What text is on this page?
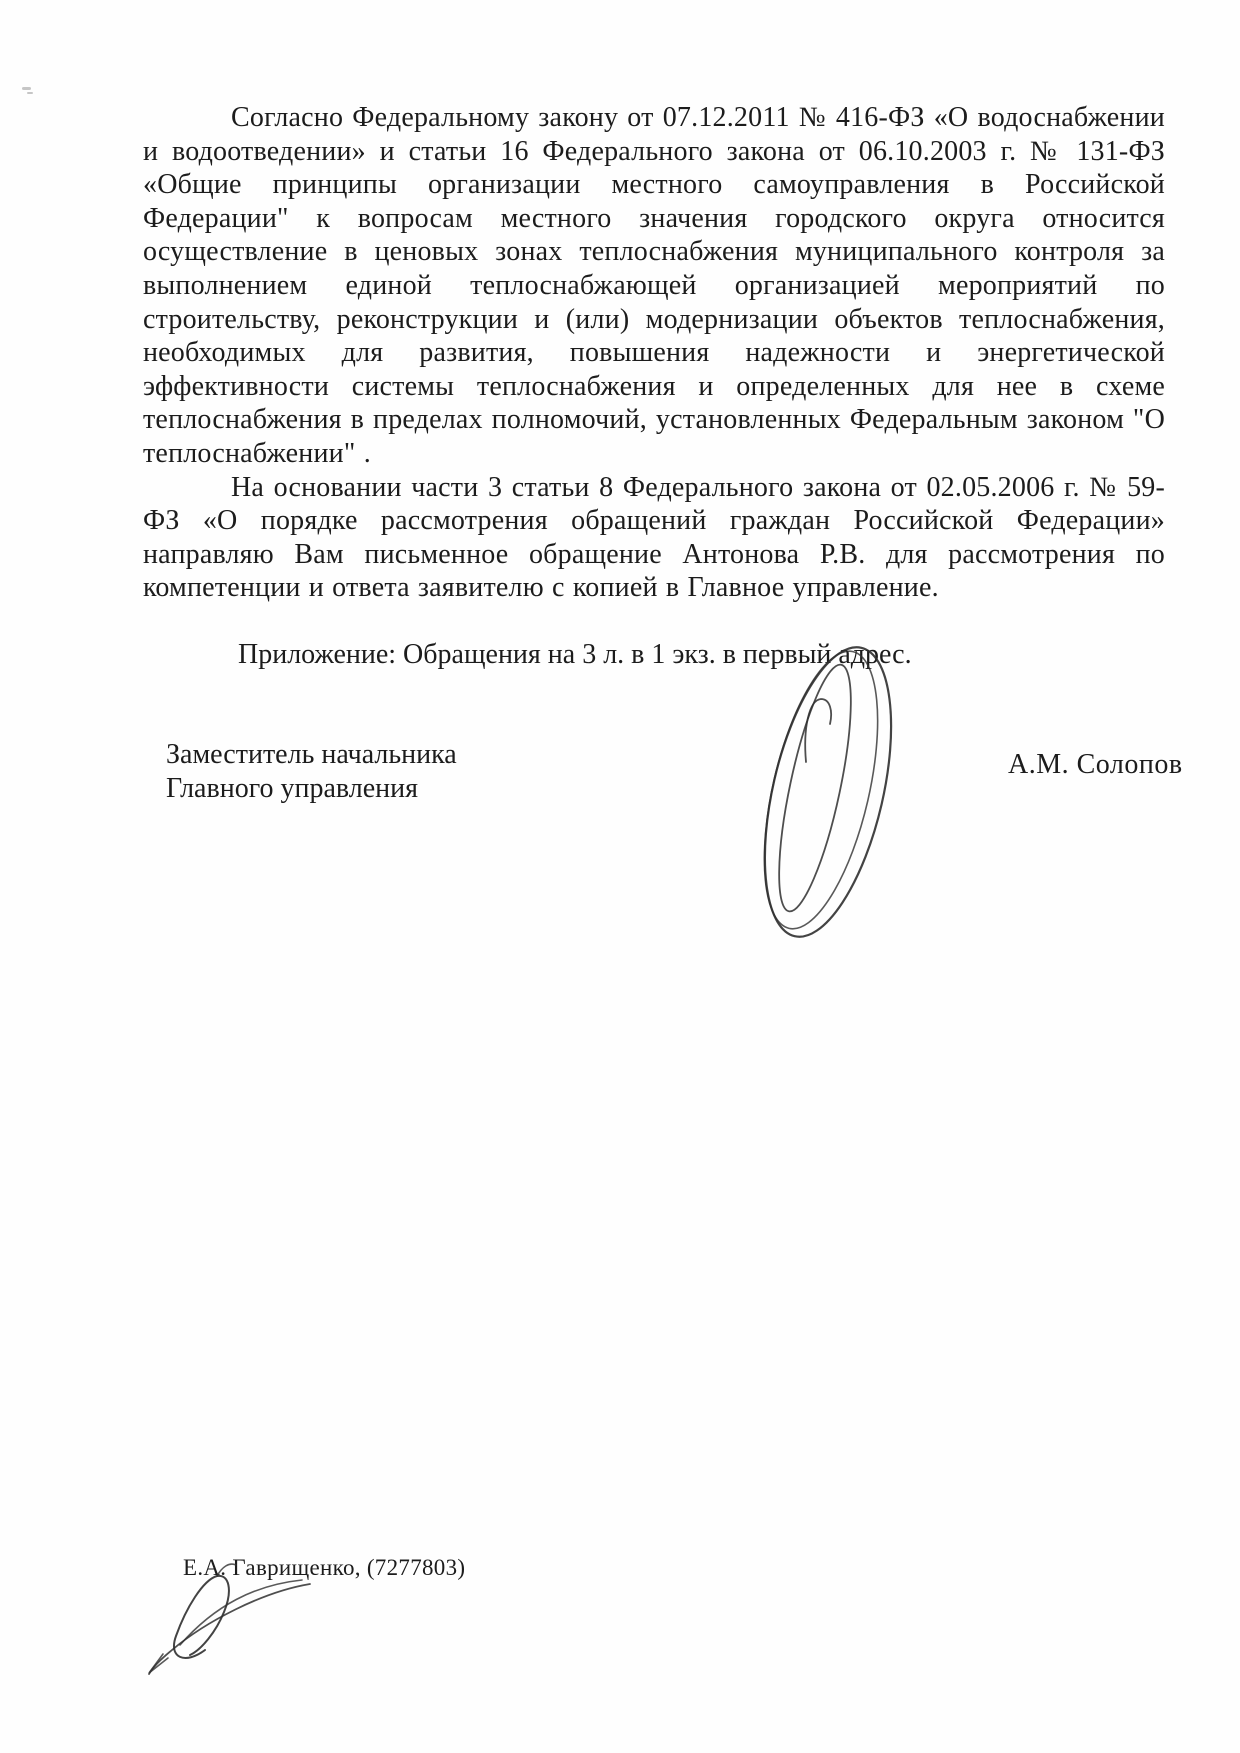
Согласно Федеральному закону от 07.12.2011 № 416-ФЗ «О водоснабжении и водоотведении» и статьи 16 Федерального закона от 06.10.2003 г. № 131-ФЗ «Общие принципы организации местного самоуправления в Российской Федерации" к вопросам местного значения городского округа относится осуществление в ценовых зонах теплоснабжения муниципального контроля за выполнением единой теплоснабжающей организацией мероприятий по строительству, реконструкции и (или) модернизации объектов теплоснабжения, необходимых для развития, повышения надежности и энергетической эффективности системы теплоснабжения и определенных для нее в схеме теплоснабжения в пределах полномочий, установленных Федеральным законом "О теплоснабжении" .

На основании части 3 статьи 8 Федерального закона от 02.05.2006 г. № 59-ФЗ «О порядке рассмотрения обращений граждан Российской Федерации» направляю Вам письменное обращение Антонова Р.В. для рассмотрения по компетенции и ответа заявителю с копией в Главное управление.

Приложение: Обращения на 3 л. в 1 экз. в первый адрес.

Заместитель начальника
Главного управления
А.М. Солопов
Е.А. Гаврищенко, (7277803)
